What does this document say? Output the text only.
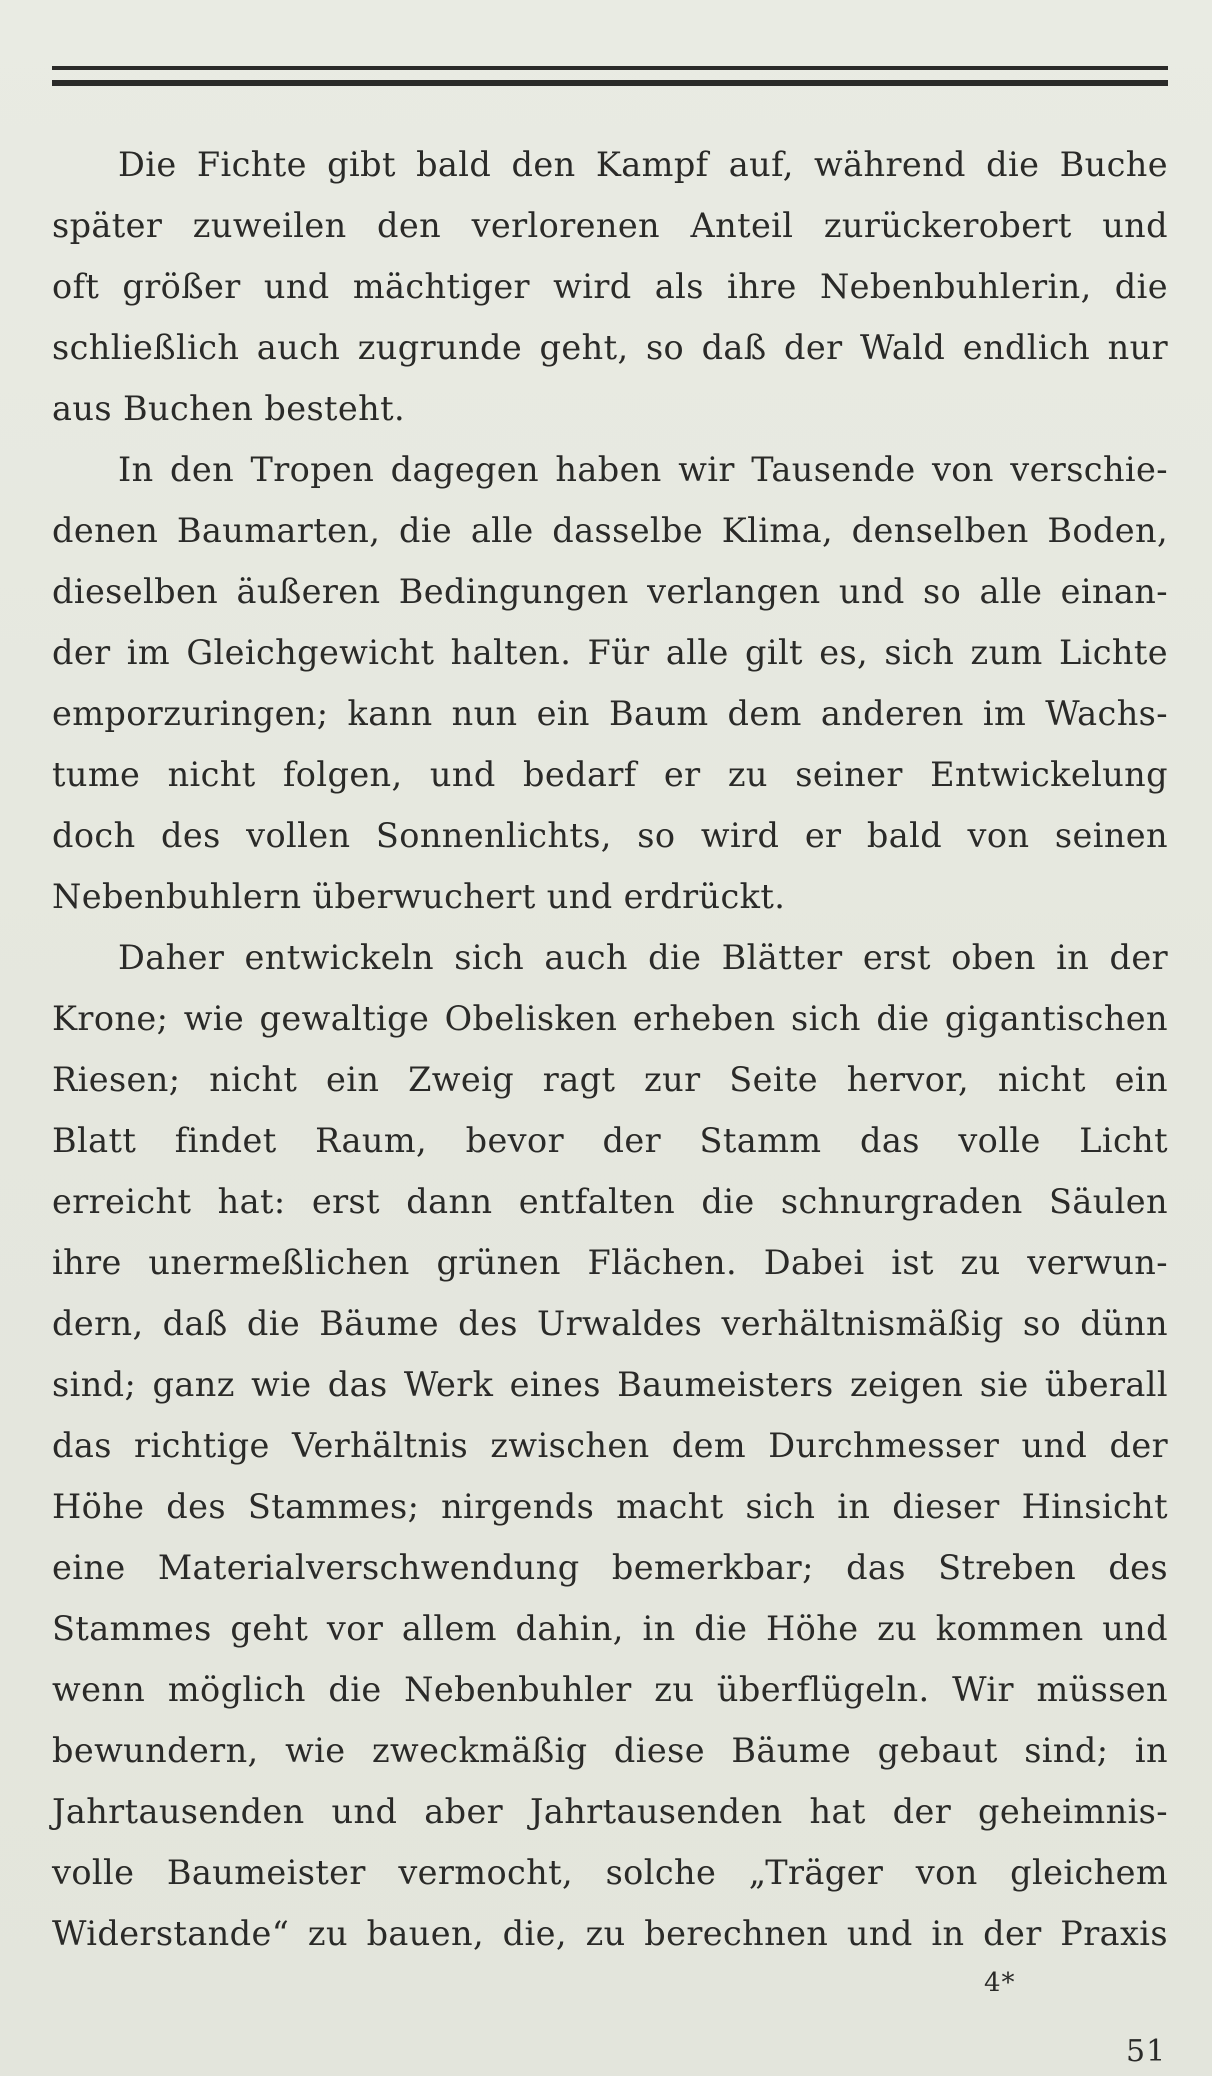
Die Fichte gibt bald den Kampf auf, während die Buche
später zuweilen den verlorenen Anteil zurückerobert und
oft größer und mächtiger wird als ihre Nebenbuhlerin, die
schließlich auch zugrunde geht, so daß der Wald endlich nur
aus Buchen besteht.
In den Tropen dagegen haben wir Tausende von verschie-
denen Baumarten, die alle dasselbe Klima, denselben Boden,
dieselben äußeren Bedingungen verlangen und so alle einan-
der im Gleichgewicht halten. Für alle gilt es, sich zum Lichte
emporzuringen; kann nun ein Baum dem anderen im Wachs-
tume nicht folgen, und bedarf er zu seiner Entwickelung
doch des vollen Sonnenlichts, so wird er bald von seinen
Nebenbuhlern überwuchert und erdrückt.
Daher entwickeln sich auch die Blätter erst oben in der
Krone; wie gewaltige Obelisken erheben sich die gigantischen
Riesen; nicht ein Zweig ragt zur Seite hervor, nicht ein
Blatt findet Raum, bevor der Stamm das volle Licht
erreicht hat: erst dann entfalten die schnurgraden Säulen
ihre unermeßlichen grünen Flächen. Dabei ist zu verwun-
dern, daß die Bäume des Urwaldes verhältnismäßig so dünn
sind; ganz wie das Werk eines Baumeisters zeigen sie überall
das richtige Verhältnis zwischen dem Durchmesser und der
Höhe des Stammes; nirgends macht sich in dieser Hinsicht
eine Materialverschwendung bemerkbar; das Streben des
Stammes geht vor allem dahin, in die Höhe zu kommen und
wenn möglich die Nebenbuhler zu überflügeln. Wir müssen
bewundern, wie zweckmäßig diese Bäume gebaut sind; in
Jahrtausenden und aber Jahrtausenden hat der geheimnis-
volle Baumeister vermocht, solche „Träger von gleichem
Widerstande“ zu bauen, die, zu berechnen und in der Praxis
4*
51
